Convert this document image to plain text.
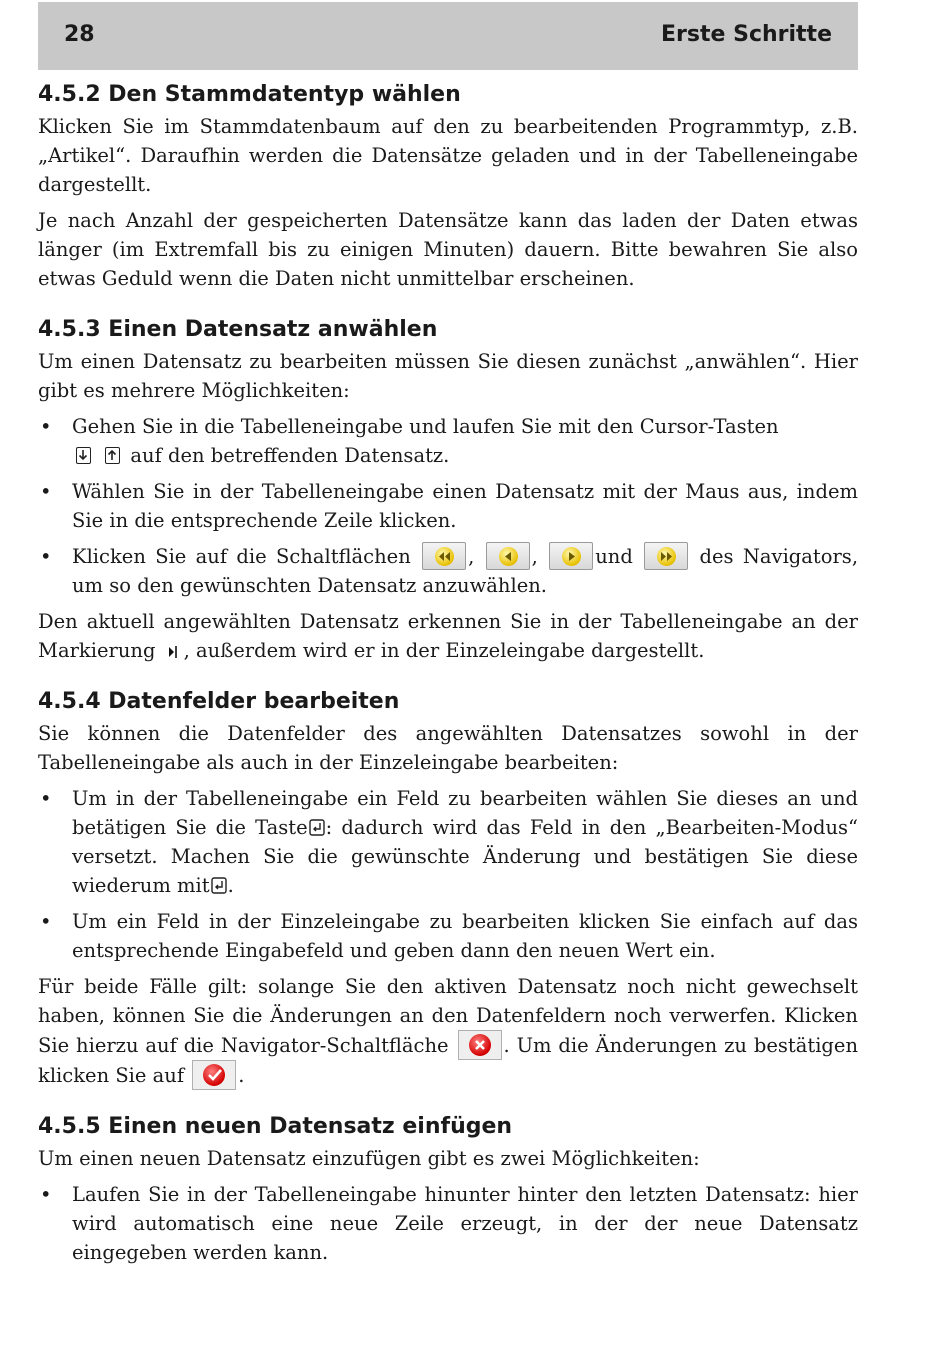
28	Erste Schritte
4.5.2 Den Stammdatentyp wählen

Klicken Sie im Stammdatenbaum auf den zu bearbeitenden Programmtyp, z.B. „Artikel“. Daraufhin werden die Datensätze geladen und in der Tabelleneingabe dargestellt.

Je nach Anzahl der gespeicherten Datensätze kann das laden der Daten etwas länger (im Extremfall bis zu einigen Minuten) dauern. Bitte bewahren Sie also etwas Geduld wenn die Daten nicht unmittelbar erscheinen.

4.5.3 Einen Datensatz anwählen

Um einen Datensatz zu bearbeiten müssen Sie diesen zunächst „anwählen“. Hier gibt es mehrere Möglichkeiten:

• Gehen Sie in die Tabelleneingabe und laufen Sie mit den Cursor-Tasten

auf den betreffenden Datensatz.
• Wählen Sie in der Tabelleneingabe einen Datensatz mit der Maus aus, indem Sie in die entsprechende Zeile klicken.
• Klicken Sie auf die Schaltflächen	,	,	und	des Navigators, um so den gewünschten Datensatz anzuwählen.

Den aktuell angewählten Datensatz erkennen Sie in der Tabelleneingabe an der Markierung , außerdem wird er in der Einzeleingabe dargestellt.

4.5.4 Datenfelder bearbeiten

Sie können die Datenfelder des angewählten Datensatzes sowohl in der Tabelleneingabe als auch in der Einzeleingabe bearbeiten:

• Um in der Tabelleneingabe ein Feld zu bearbeiten wählen Sie dieses an und betätigen Sie die Taste : dadurch wird das Feld in den „Bearbeiten-Modus“ versetzt. Machen Sie die gewünschte Änderung und bestätigen Sie diese wiederum mit .
• Um ein Feld in der Einzeleingabe zu bearbeiten klicken Sie einfach auf das entsprechende Eingabefeld und geben dann den neuen Wert ein.

Für beide Fälle gilt: solange Sie den aktiven Datensatz noch nicht gewechselt haben, können Sie die Änderungen an den Datenfeldern noch verwerfen. Klicken Sie hierzu auf die Navigator-Schaltfläche	. Um die Änderungen zu bestätigen klicken Sie auf	.

4.5.5 Einen neuen Datensatz einfügen

Um einen neuen Datensatz einzufügen gibt es zwei Möglichkeiten:

• Laufen Sie in der Tabelleneingabe hinunter hinter den letzten Datensatz: hier wird automatisch eine neue Zeile erzeugt, in der der neue Datensatz eingegeben werden kann.
